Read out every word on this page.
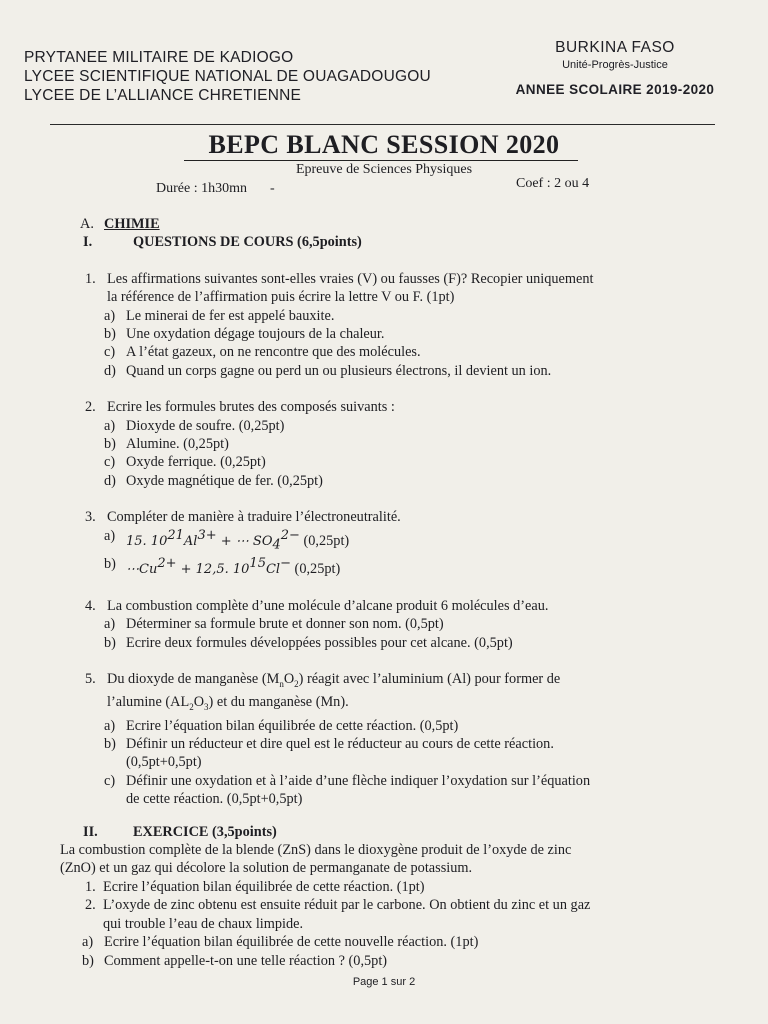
PRYTANEE MILITAIRE DE KADIOGO
LYCEE SCIENTIFIQUE NATIONAL DE OUAGADOUGOU
LYCEE DE L’ALLIANCE CHRETIENNE
BURKINA FASO
Unité-Progrès-Justice
ANNEE SCOLAIRE 2019-2020
BEPC BLANC SESSION 2020
Epreuve de Sciences Physiques
Durée : 1h30mn -	Coef : 2 ou 4
A. CHIMIE
I.	QUESTIONS DE COURS (6,5points)
1. Les affirmations suivantes sont-elles vraies (V) ou fausses (F)? Recopier uniquement
la référence de l’affirmation puis écrire la lettre V ou F. (1pt)
a) Le minerai de fer est appelé bauxite.
b) Une oxydation dégage toujours de la chaleur.
c) A l’état gazeux, on ne rencontre que des molécules.
d) Quand un corps gagne ou perd un ou plusieurs électrons, il devient un ion.
2. Ecrire les formules brutes des composés suivants :
a) Dioxyde de soufre. (0,25pt)
b) Alumine. (0,25pt)
c) Oxyde ferrique. (0,25pt)
d) Oxyde magnétique de fer. (0,25pt)
3. Compléter de manière à traduire l’électroneutralité.
a) 15. $10^{21}Al^{3+}$ + ⋯ $SO_4^{2-}$ (0,25pt)
b) $\cdots Cu^{2+} + 12,5$. $10^{15}Cl^-$ (0,25pt)
4. La combustion complète d’une molécule d’alcane produit 6 molécules d’eau.
a) Déterminer sa formule brute et donner son nom. (0,5pt)
b) Ecrire deux formules développées possibles pour cet alcane. (0,5pt)
5. Du dioxyde de manganèse $(M_nO_2)$ réagit avec l’aluminium (Al) pour former de
l’alumine $(AL_2O_3)$ et du manganèse (Mn).
a) Ecrire l’équation bilan équilibrée de cette réaction. (0,5pt)
b) Définir un réducteur et dire quel est le réducteur au cours de cette réaction.
(0,5pt+0,5pt)
c) Définir une oxydation et à l’aide d’une flèche indiquer l’oxydation sur l’équation
de cette réaction. (0,5pt+0,5pt)
II. EXERCICE (3,5points)
La combustion complète de la blende (ZnS) dans le dioxygène produit de l’oxyde de zinc
(ZnO) et un gaz qui décolore la solution de permanganate de potassium.
1. Ecrire l’équation bilan équilibrée de cette réaction. (1pt)
2. L’oxyde de zinc obtenu est ensuite réduit par le carbone. On obtient du zinc et un gaz
qui trouble l’eau de chaux limpide.
a) Ecrire l’équation bilan équilibrée de cette nouvelle réaction. (1pt)
b) Comment appelle-t-on une telle réaction ? (0,5pt)
Page 1 sur 2
